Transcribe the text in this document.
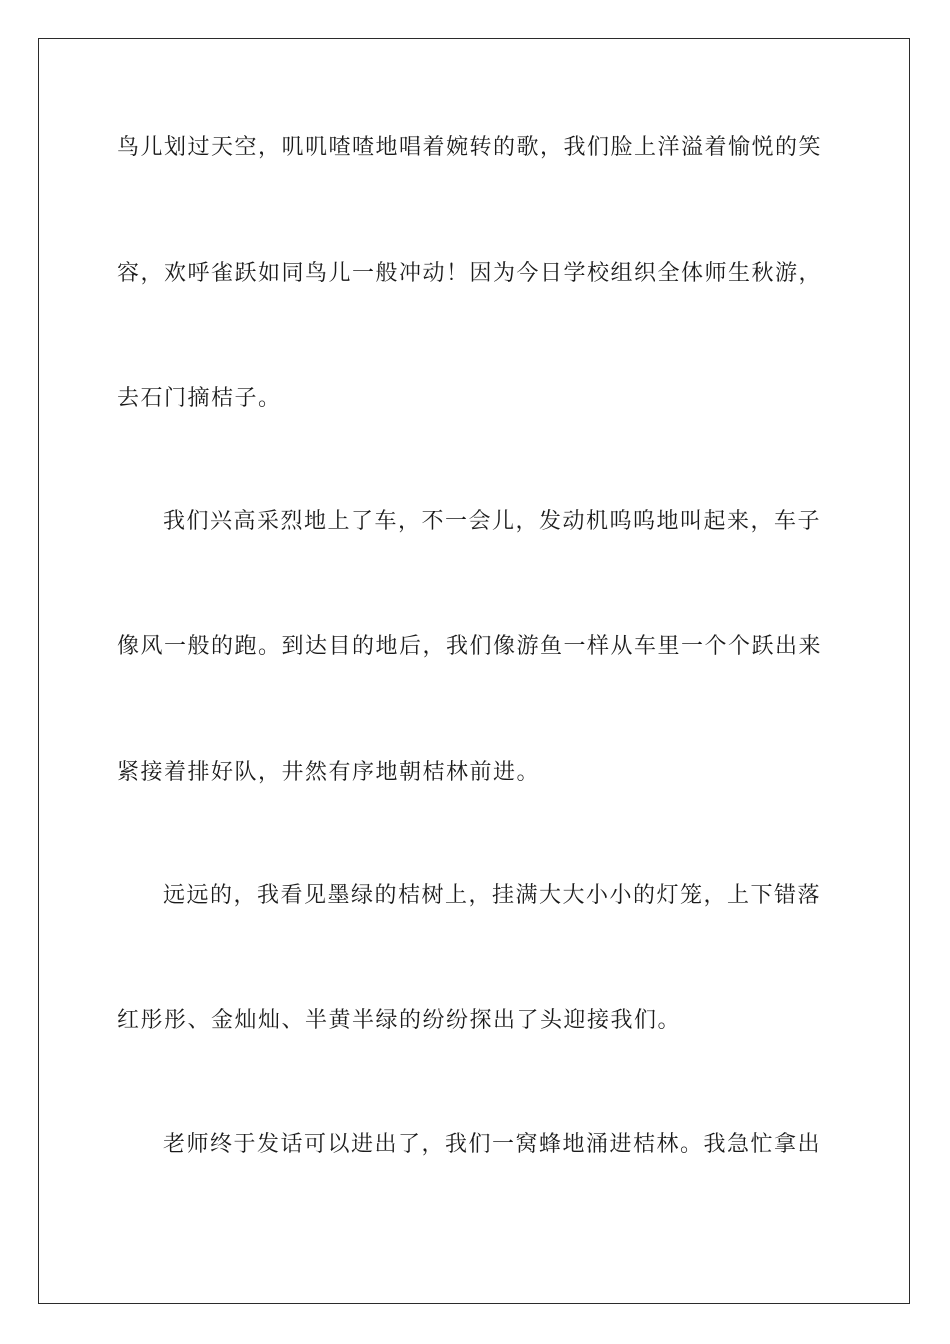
鸟儿划过天空，叽叽喳喳地唱着婉转的歌，我们脸上洋溢着愉悦的笑
容，欢呼雀跃如同鸟儿一般冲动！因为今日学校组织全体师生秋游，
去石门摘桔子。
我们兴高采烈地上了车，不一会儿，发动机呜呜地叫起来，车子
像风一般的跑。到达目的地后，我们像游鱼一样从车里一个个跃出来
紧接着排好队，井然有序地朝桔林前进。
远远的，我看见墨绿的桔树上，挂满大大小小的灯笼，上下错落
红彤彤、金灿灿、半黄半绿的纷纷探出了头迎接我们。
老师终于发话可以进出了，我们一窝蜂地涌进桔林。我急忙拿出
